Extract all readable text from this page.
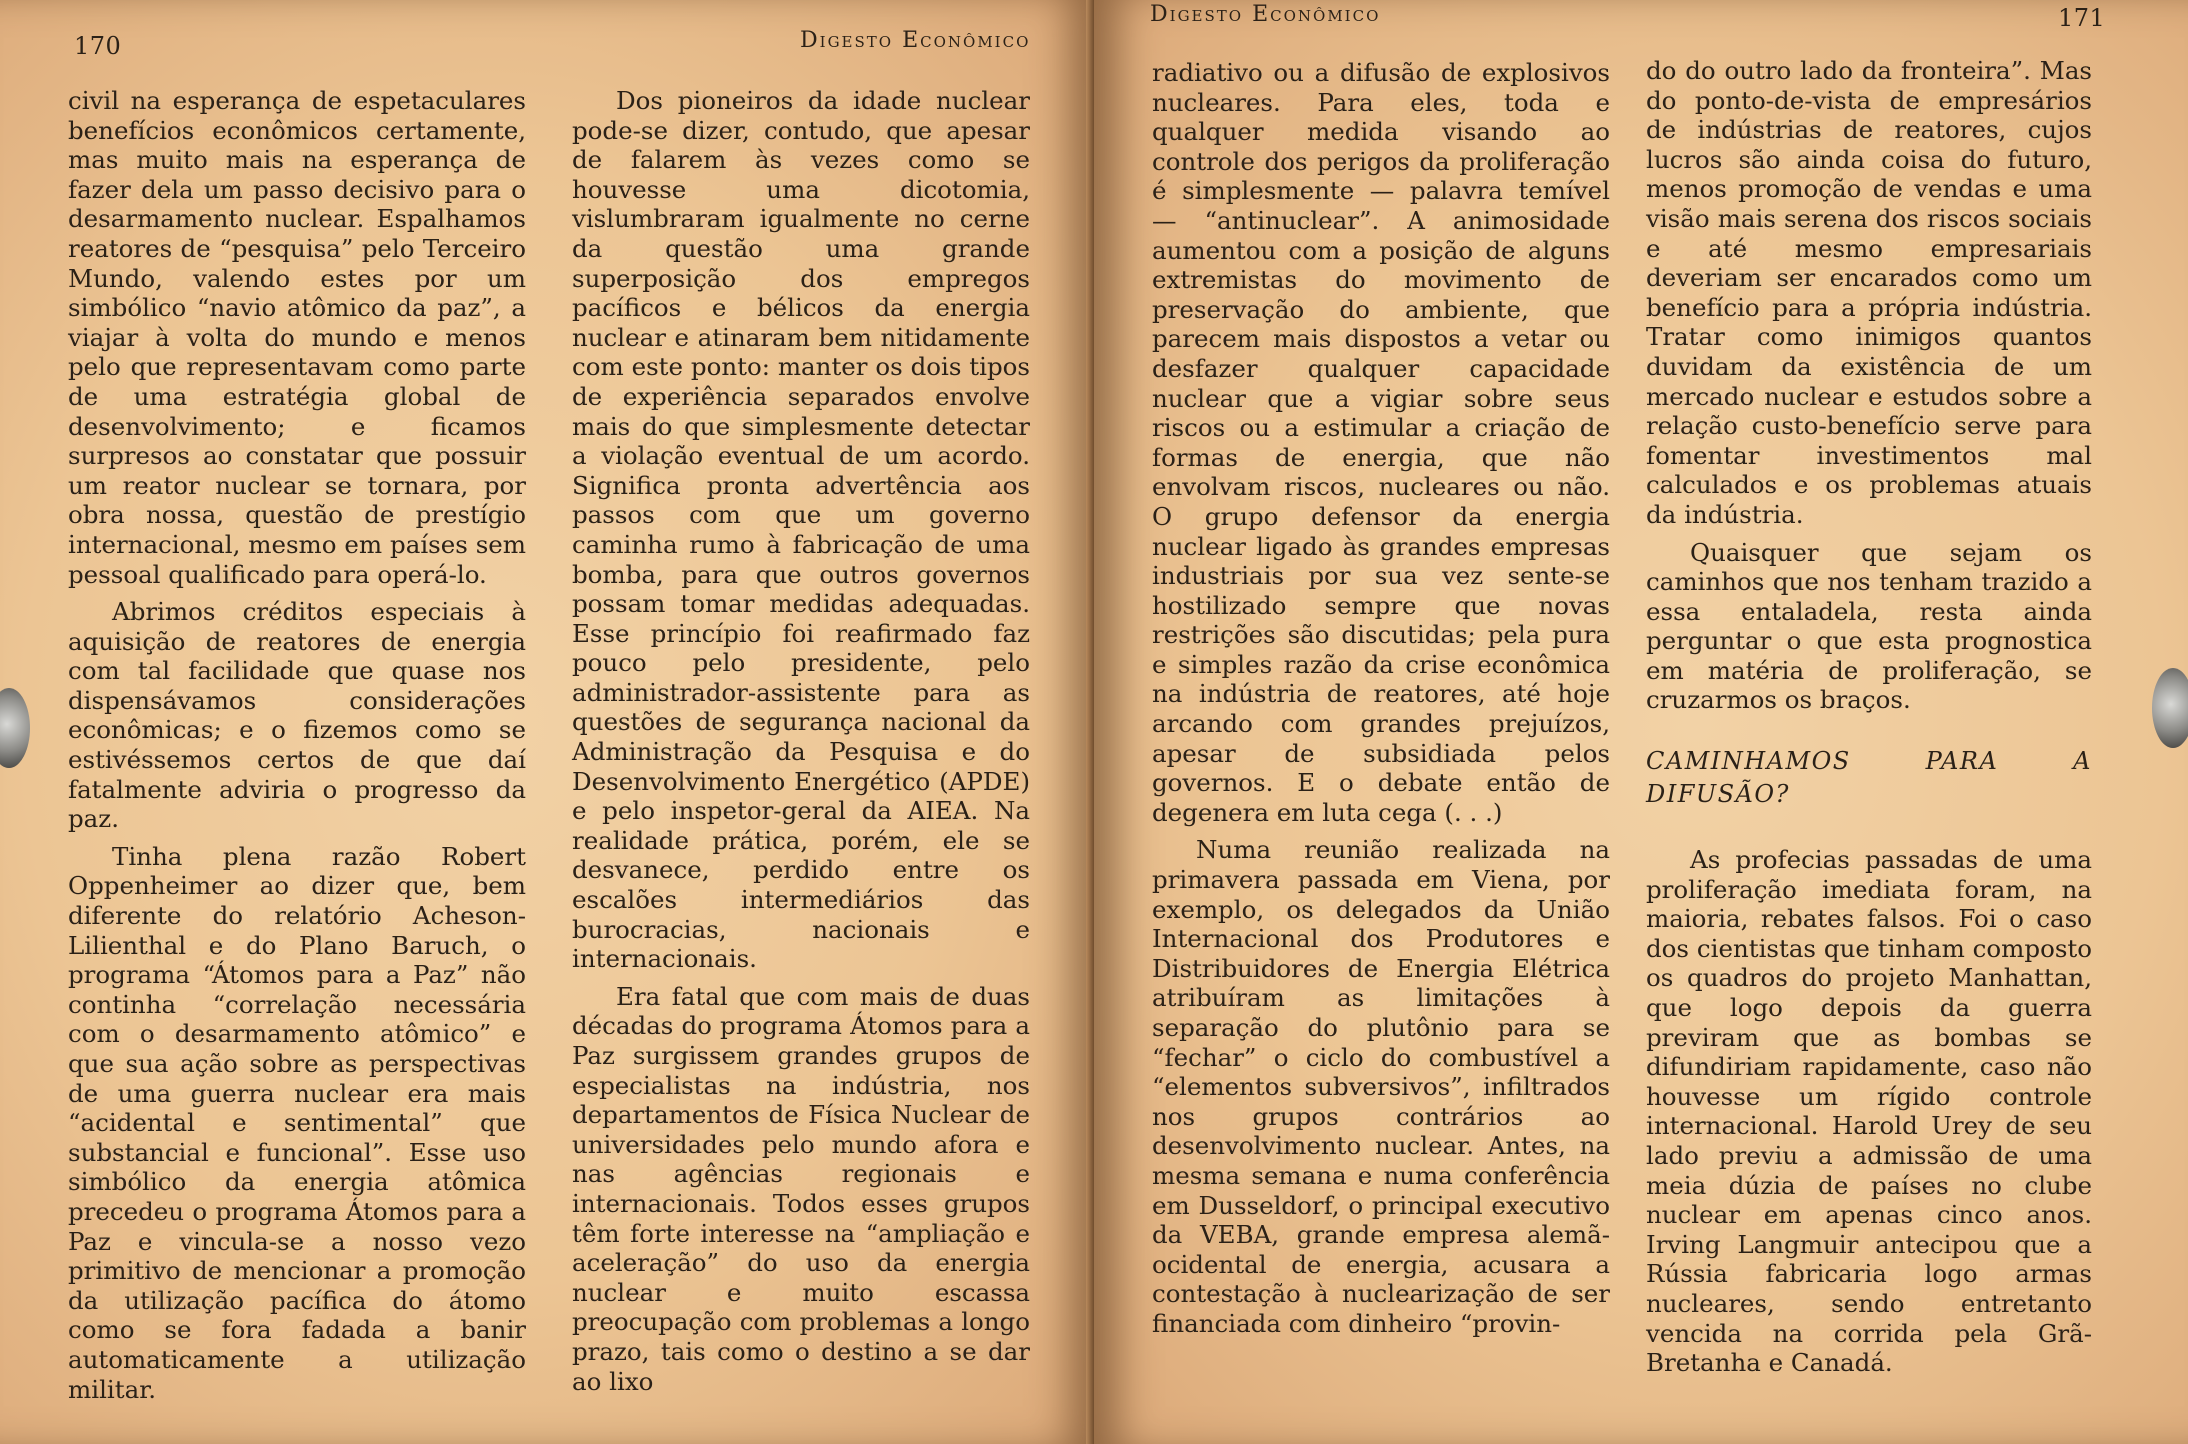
170	Digesto Econômico

civil na esperança de espetaculares benefícios econômicos certamente, mas muito mais na esperança de fazer dela um passo decisivo para o desarmamento nuclear. Espalhamos reatores de “pesquisa” pelo Terceiro Mundo, valendo estes por um simbólico “navio atômico da paz”, a viajar à volta do mundo e menos pelo que representavam como parte de uma estratégia global de desenvolvimento; e ficamos surpresos ao constatar que possuir um reator nuclear se tornara, por obra nossa, questão de prestígio internacional, mesmo em países sem pessoal qualificado para operá-lo.

Abrimos créditos especiais à aquisição de reatores de energia com tal facilidade que quase nos dispensávamos considerações econômicas; e o fizemos como se estivéssemos certos de que daí fatalmente adviria o progresso da paz.

Tinha plena razão Robert Oppenheimer ao dizer que, bem diferente do relatório Acheson-Lilienthal e do Plano Baruch, o programa “Átomos para a Paz” não continha “correlação necessária com o desarmamento atômico” e que sua ação sobre as perspectivas de uma guerra nuclear era mais “acidental e sentimental” que substancial e funcional”. Esse uso simbólico da energia atômica precedeu o programa Átomos para a Paz e vincula-se a nosso vezo primitivo de mencionar a promoção da utilização pacífica do átomo como se fora fadada a banir automaticamente a utilização militar.

Dos pioneiros da idade nuclear pode-se dizer, contudo, que apesar de falarem às vezes como se houvesse uma dicotomia, vislumbraram igualmente no cerne da questão uma grande superposição dos empregos pacíficos e bélicos da energia nuclear e atinaram bem nitidamente com este ponto: manter os dois tipos de experiência separados envolve mais do que simplesmente detectar a violação eventual de um acordo. Significa pronta advertência aos passos com que um governo caminha rumo à fabricação de uma bomba, para que outros governos possam tomar medidas adequadas. Esse princípio foi reafirmado faz pouco pelo presidente, pelo administrador-assistente para as questões de segurança nacional da Administração da Pesquisa e do Desenvolvimento Energético (APDE) e pelo inspetor-geral da AIEA. Na realidade prática, porém, ele se desvanece, perdido entre os escalões intermediários das burocracias, nacionais e internacionais.

Era fatal que com mais de duas décadas do programa Átomos para a Paz surgissem grandes grupos de especialistas na indústria, nos departamentos de Física Nuclear de universidades pelo mundo afora e nas agências regionais e internacionais. Todos esses grupos têm forte interesse na “ampliação e aceleração” do uso da energia nuclear e muito escassa preocupação com problemas a longo prazo, tais como o destino a se dar ao lixo

Digesto Econômico	171

radiativo ou a difusão de explosivos nucleares. Para eles, toda e qualquer medida visando ao controle dos perigos da proliferação é simplesmente — palavra temível — “antinuclear”. A animosidade aumentou com a posição de alguns extremistas do movimento de preservação do ambiente, que parecem mais dispostos a vetar ou desfazer qualquer capacidade nuclear que a vigiar sobre seus riscos ou a estimular a criação de formas de energia, que não envolvam riscos, nucleares ou não. O grupo defensor da energia nuclear ligado às grandes empresas industriais por sua vez sente-se hostilizado sempre que novas restrições são discutidas; pela pura e simples razão da crise econômica na indústria de reatores, até hoje arcando com grandes prejuízos, apesar de subsidiada pelos governos. E o debate então de degenera em luta cega (. . .)

Numa reunião realizada na primavera passada em Viena, por exemplo, os delegados da União Internacional dos Produtores e Distribuidores de Energia Elétrica atribuíram as limitações à separação do plutônio para se “fechar” o ciclo do combustível a “elementos subversivos”, infiltrados nos grupos contrários ao desenvolvimento nuclear. Antes, na mesma semana e numa conferência em Dusseldorf, o principal executivo da VEBA, grande empresa alemã-ocidental de energia, acusara a contestação à nuclearização de ser financiada com dinheiro “provin-

do do outro lado da fronteira”. Mas do ponto-de-vista de empresários de indústrias de reatores, cujos lucros são ainda coisa do futuro, menos promoção de vendas e uma visão mais serena dos riscos sociais e até mesmo empresariais deveriam ser encarados como um benefício para a própria indústria. Tratar como inimigos quantos duvidam da existência de um mercado nuclear e estudos sobre a relação custo-benefício serve para fomentar investimentos mal calculados e os problemas atuais da indústria.

Quaisquer que sejam os caminhos que nos tenham trazido a essa entaladela, resta ainda perguntar o que esta prognostica em matéria de proliferação, se cruzarmos os braços.

CAMINHAMOS PARA A DIFUSÃO?

As profecias passadas de uma proliferação imediata foram, na maioria, rebates falsos. Foi o caso dos cientistas que tinham composto os quadros do projeto Manhattan, que logo depois da guerra previram que as bombas se difundiriam rapidamente, caso não houvesse um rígido controle internacional. Harold Urey de seu lado previu a admissão de uma meia dúzia de países no clube nuclear em apenas cinco anos. Irving Langmuir antecipou que a Rússia fabricaria logo armas nucleares, sendo entretanto vencida na corrida pela Grã-Bretanha e Canadá.
